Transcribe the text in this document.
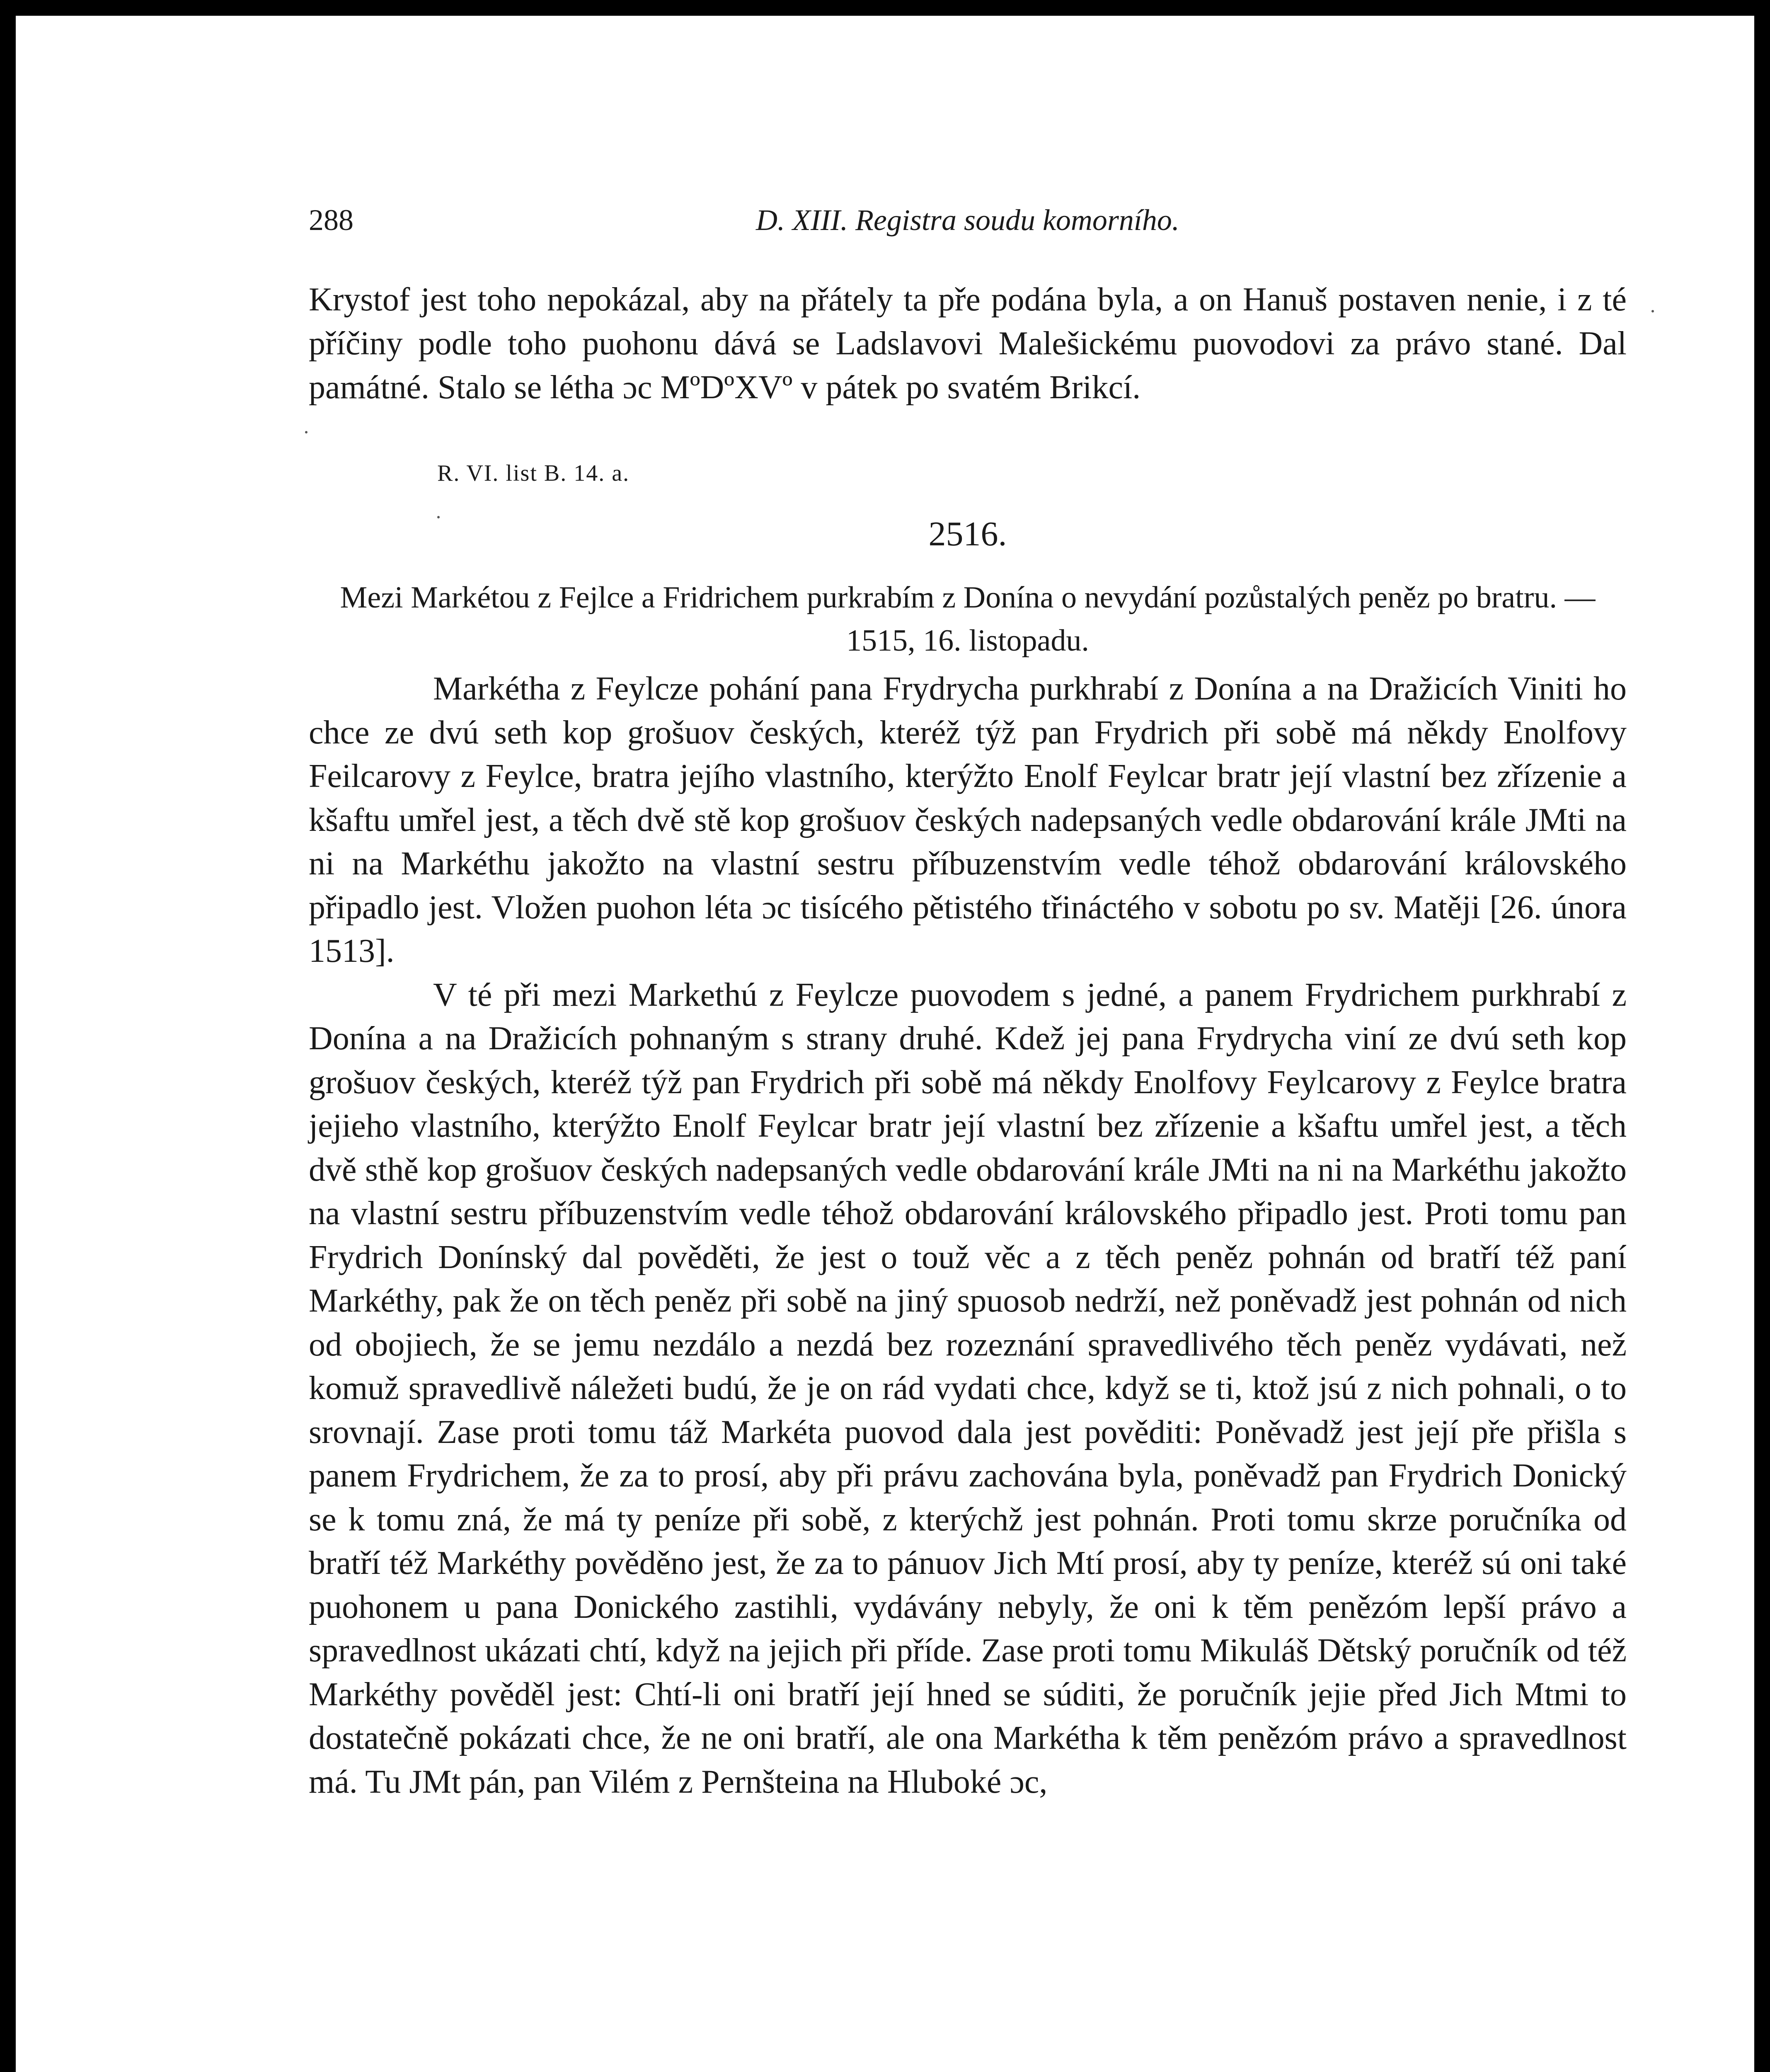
288	D. XIII. Registra soudu komorního.

Krystof jest toho nepokázal, aby na přátely ta pře podána byla, a on Hanuš postaven nenie, i z té příčiny podle toho puohonu dává se Ladslavovi Malešickému puovodovi za právo stané. Dal památné. Stalo se létha ɔc MºDºXVº v pátek po svatém Brikcí.

R. VI. list B. 14. a.
2516.
Mezi Markétou z Fejlce a Fridrichem purkrabím z Donína o nevydání pozůstalých peněz po bratru. — 1515, 16. listopadu.

Markétha z Feylcze pohání pana Frydrycha purkhrabí z Donína a na Dražicích Viniti ho chce ze dvú seth kop grošuov českých, kteréž týž pan Frydrich při sobě má někdy Enolfovy Feilcarovy z Feylce, bratra jejího vlastního, kterýžto Enolf Feylcar bratr její vlastní bez zřízenie a kšaftu umřel jest, a těch dvě stě kop grošuov českých nadepsaných vedle obdarování krále JMti na ni na Markéthu jakožto na vlastní sestru příbuzenstvím vedle téhož obdarování královského připadlo jest. Vložen puohon léta ɔc tisícého pětistého třináctého v sobotu po sv. Matěji [26. února 1513].

V té při mezi Markethú z Feylcze puovodem s jedné, a panem Frydrichem purkhrabí z Donína a na Dražicích pohnaným s strany druhé. Kdež jej pana Frydrycha viní ze dvú seth kop grošuov českých, kteréž týž pan Frydrich při sobě má někdy Enolfovy Feylcarovy z Feylce bratra jejieho vlastního, kterýžto Enolf Feylcar bratr její vlastní bez zřízenie a kšaftu umřel jest, a těch dvě sthě kop grošuov českých nadepsaných vedle obdarování krále JMti na ni na Markéthu jakožto na vlastní sestru příbuzenstvím vedle téhož obdarování královského připadlo jest. Proti tomu pan Frydrich Donínský dal pověděti, že jest o touž věc a z těch peněz pohnán od bratří též paní Markéthy, pak že on těch peněz při sobě na jiný spuosob nedrží, než poněvadž jest pohnán od nich od obojiech, že se jemu nezdálo a nezdá bez rozeznání spravedlivého těch peněz vydávati, než komuž spravedlivě náležeti budú, že je on rád vydati chce, když se ti, ktož jsú z nich pohnali, o to srovnají. Zase proti tomu táž Markéta puovod dala jest pověditi: Poněvadž jest její pře přišla s panem Frydrichem, že za to prosí, aby při právu zachována byla, poněvadž pan Frydrich Donický se k tomu zná, že má ty peníze při sobě, z kterýchž jest pohnán. Proti tomu skrze poručníka od bratří též Markéthy pověděno jest, že za to pánuov Jich Mtí prosí, aby ty peníze, kteréž sú oni také puohonem u pana Donického zastihli, vydávány nebyly, že oni k těm penězóm lepší právo a spravedlnost ukázati chtí, když na jejich při příde. Zase proti tomu Mikuláš Dětský poručník od též Markéthy pověděl jest: Chtí-li oni bratří její hned se súditi, že poručník jejie před Jich Mtmi to dostatečně pokázati chce, že ne oni bratří, ale ona Markétha k těm penězóm právo a spravedlnost má. Tu JMt pán, pan Vilém z Pernšteina na Hluboké ɔc,
